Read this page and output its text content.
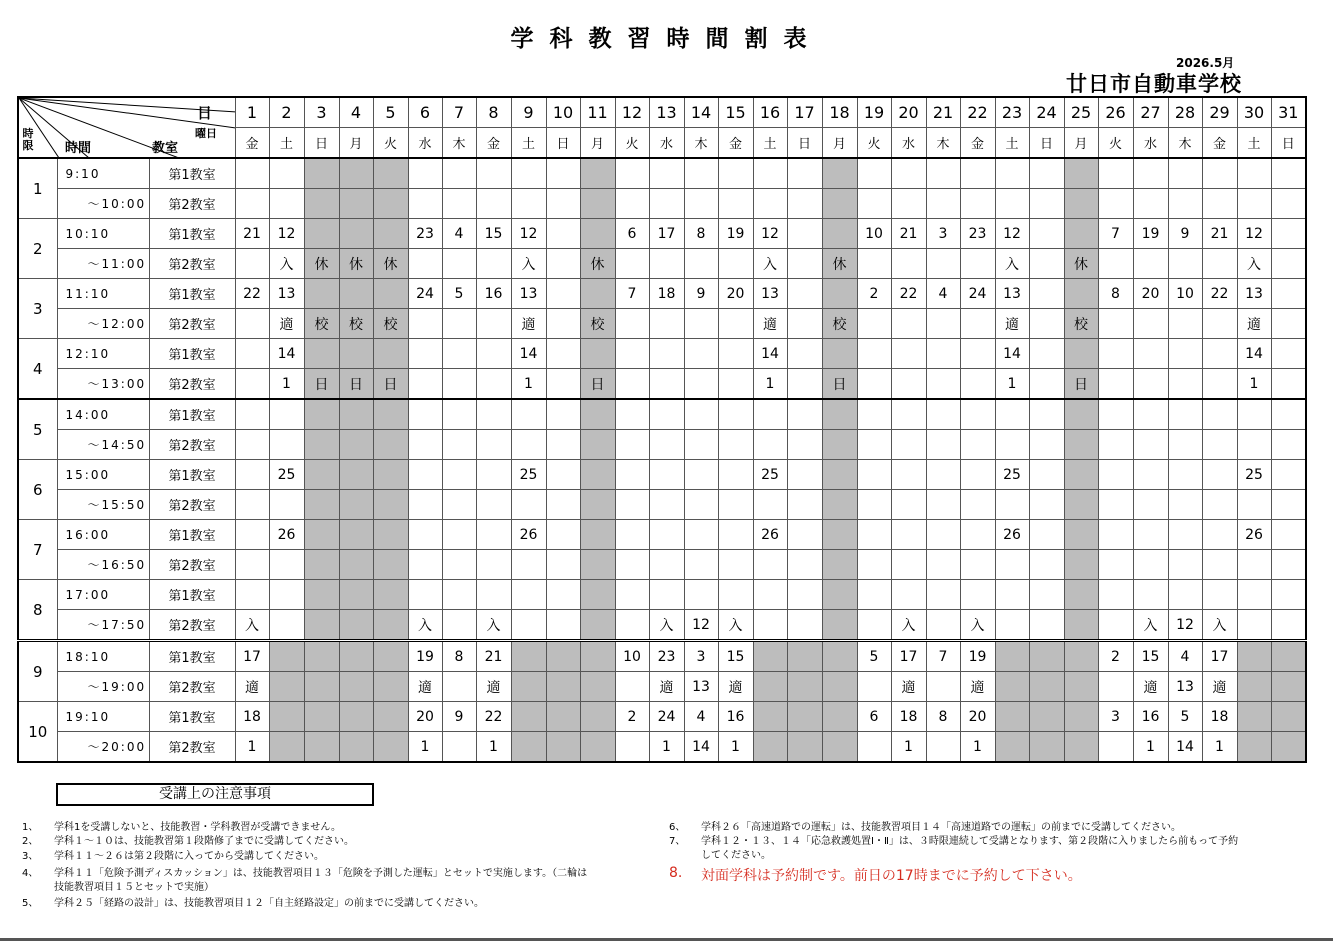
学科教習時間割表
2026.5月
廿日市自動車学校
日
曜日
時限 時間 教室			1	2	3	4	5	6	7	8	9	10	11	12	13	14	15	16	17	18	19	20	21	22	23	24	25	26	27	28	29	30	31
			金	土	日	月	火	水	木	金	土	日	月	火	水	木	金	土	日	月	火	水	木	金	土	日	月	火	水	木	金	土	日
1	9:10	第1教室																															
	～10:00	第2教室																															
2	10:10	第1教室	21	12				23	4	15	12			6	17	8	19	12			10	21	3	23	12			7	19	9	21	12	
	～11:00	第2教室		入	休	休	休				入		休					入		休					入		休					入	
3	11:10	第1教室	22	13				24	5	16	13			7	18	9	20	13			2	22	4	24	13			8	20	10	22	13	
	～12:00	第2教室		適	校	校	校				適		校					適		校					適		校					適	
4	12:10	第1教室		14							14							14							14							14	
	～13:00	第2教室		1	日	日	日				1		日					1		日					1		日					1	
5	14:00	第1教室																															
	～14:50	第2教室																															
6	15:00	第1教室		25							25							25							25							25	
	～15:50	第2教室																															
7	16:00	第1教室		26							26							26							26							26	
	～16:50	第2教室																															
8	17:00	第1教室																															
	～17:50	第2教室	入					入		入					入	12	入					入		入					入	12	入		
9	18:10	第1教室	17					19	8	21				10	23	3	15				5	17	7	19				2	15	4	17		
	～19:00	第2教室	適					適		適					適	13	適					適		適					適	13	適		
10	19:10	第1教室	18					20	9	22				2	24	4	16				6	18	8	20				3	16	5	18		
	～20:00	第2教室	1					1		1					1	14	1					1		1					1	14	1		
受講上の注意事項
1、 学科1を受講しないと、技能教習・学科教習が受講できません。
2、 学科１～１０は、技能教習第１段階修了までに受講してください。
3、 学科１１～２６は第２段階に入ってから受講してください。
4、 学科１１「危険予測ディスカッション」は、技能教習項目１３「危険を予測した運転」とセットで実施します。（二輪は技能教習項目１５とセットで実施）
5、 学科２５「経路の設計」は、技能教習項目１２「自主経路設定」の前までに受講してください。
6、 学科２６「高速道路での運転」は、技能教習項目１４「高速道路での運転」の前までに受講してください。
7、 学科１２・１３、１４「応急救護処置Ⅰ・Ⅱ」は、３時限連続して受講となります、第２段階に入りましたら前もって予約してください。
8. 対面学科は予約制です。前日の17時までに予約して下さい。
